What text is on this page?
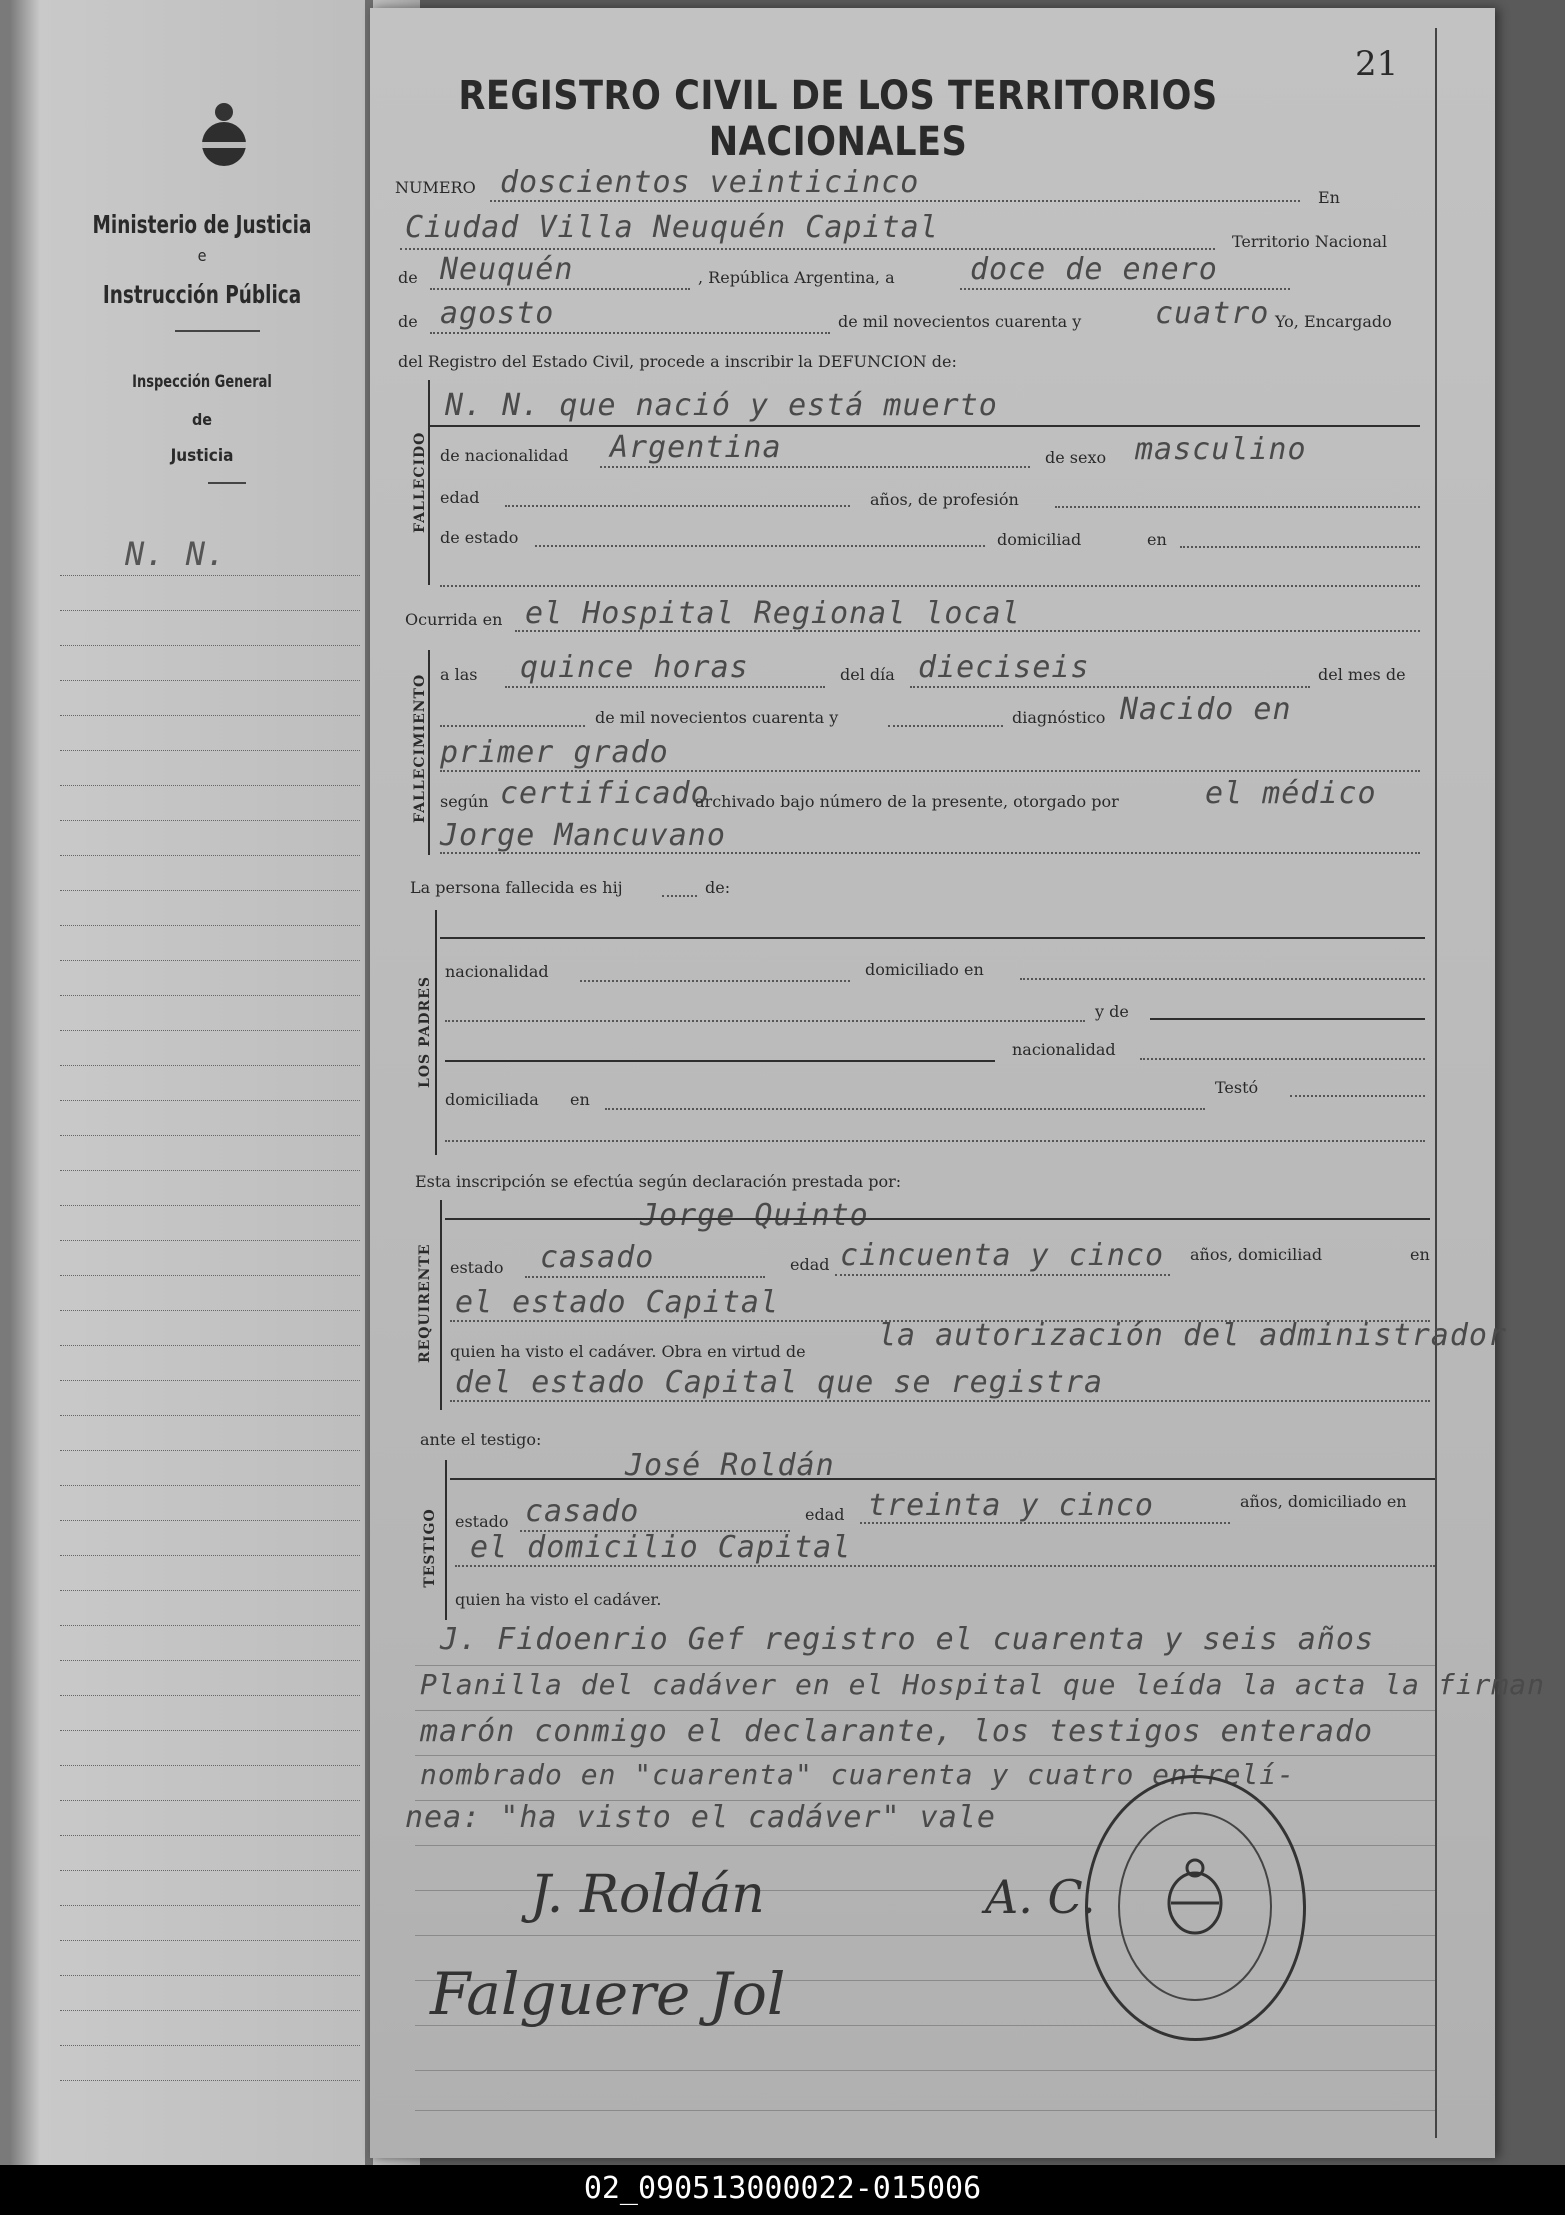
Ministerio de Justicia
e
Instrucción Pública
Inspección General
de
Justicia
N. N.
21
REGISTRO CIVIL DE LOS TERRITORIOS NACIONALES
NUMERO doscientos veinticinco	En
Ciudad Villa Neuquén Capital	Territorio Nacional
de Neuquén	, República Argentina, a	doce de enero
de agosto	de mil novecientos cuarenta y cuatro Yo, Encargado
del Registro del Estado Civil, procede a inscribir la DEFUNCION de:
FALLECIDO
N. N. que nació y está muerto
de nacionalidad Argentina	de sexo masculino
edad	años, de profesión
de estado	domiciliad	en
Ocurrida en el Hospital Regional local
FALLECIMIENTO a las quince horas	del día dieciseis	del mes de
de mil novecientos cuarenta y	diagnóstico Nacido en
primer grado
según certificado
archivado bajo número de la presente, otorgado por	el médico
Jorge Mancuvano
La persona fallecida es hij	de:
LOS PADRES
nacionalidad	domiciliado en
y de
nacionalidad
domiciliada en
Testó
Esta inscripción se efectúa según declaración prestada por:
REQUIRENTE
Jorge Quinto
estado casado	edad cincuenta y cinco años, domiciliad	en
el estado Capital
quien ha visto el cadáver. Obra en virtud de la autorización del administrador
del estado Capital que se registra
ante el testigo:
TESTIGO
José Roldán
estado casado	edad treinta y cinco	años, domiciliado en
el domicilio Capital
quien ha visto el cadáver.
J. Fidoenrio Gef registro el cuarenta y seis años
Planilla del cadáver en el Hospital que leída la acta la firman
marón conmigo el declarante, los testigos enterado
nombrado en "cuarenta" cuarenta y cuatro entrelí-
nea: "ha visto el cadáver" vale
J. Roldán
Falguere Jol
A. C.
02_090513000022-015006
